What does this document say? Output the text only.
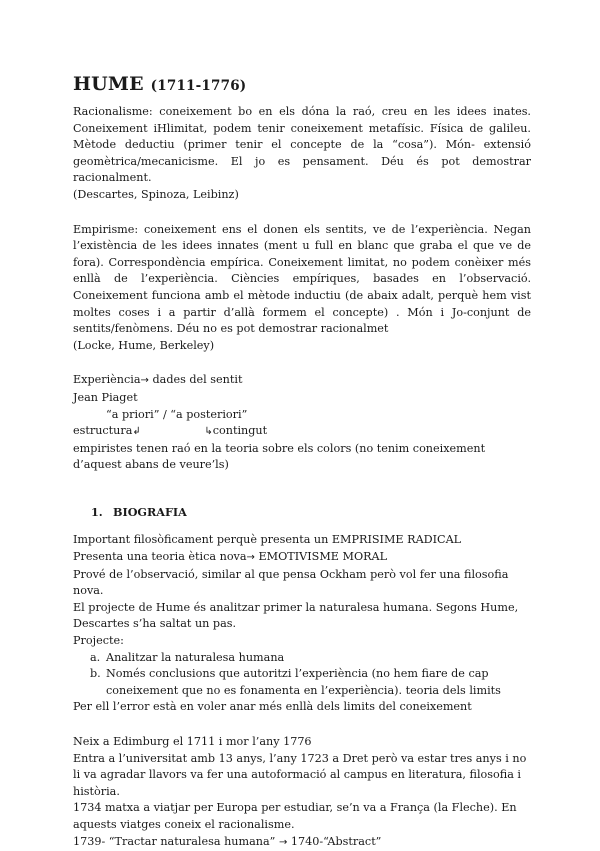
HUME (1711-1776)

Racionalisme: coneixement bo en els dóna la raó, creu en les idees inates. Coneixement iHlimitat, podem tenir coneixement metafísic. Física de galileu. Mètode deductiu (primer tenir el concepte de la “cosa”). Món- extensió geomètrica/mecanicisme. El jo es pensament. Déu és pot demostrar racionalment.

(Descartes, Spinoza, Leibinz)

Empirisme: coneixement ens el donen els sentits, ve de l’experiència. Negan l’existència de les idees innates (ment u full en blanc que graba el que ve de fora). Correspondència empírica. Coneixement limitat, no podem conèixer més enllà de l’experiència. Ciències empíriques, basades en l’observació. Coneixement funciona amb el mètode inductiu (de abaix adalt, perquè hem vist moltes coses i a partir d’allà formem el concepte) . Món i Jo-conjunt de sentits/fenòmens. Déu no es pot demostrar racionalmet

(Locke, Hume, Berkeley)

Experiència→ dades del sentit

Jean Piaget

“a priori” / “a posteriori”

estructura↲	↳contingut

empiristes tenen raó en la teoria sobre els colors (no tenim coneixement d’aquest abans de veure’ls)

1. BIOGRAFIA

Important filosòficament perquè presenta un EMPRISIME RADICAL

Presenta una teoria ètica nova→ EMOTIVISME MORAL

Prové de l’observació, similar al que pensa Ockham però vol fer una filosofia nova.

El projecte de Hume és analitzar primer la naturalesa humana. Segons Hume, Descartes s’ha saltat un pas.

Projecte:

a. Analitzar la naturalesa humana
b. Només conclusions que autoritzi l’experiència (no hem fiare de cap coneixement que no es fonamenta en l’experiència). teoria dels limits

Per ell l’error està en voler anar més enllà dels limits del coneixement

Neix a Edimburg el 1711 i mor l’any 1776

Entra a l’universitat amb 13 anys, l’any 1723 a Dret però va estar tres anys i no li va agradar llavors va fer una autoformació al campus en literatura, filosofia i història.

1734 matxa a viatjar per Europa per estudiar, se’n va a França (la Fleche). En aquests viatges coneix el racionalisme.

1739- “Tractar naturalesa humana” → 1740-“Abstract”
